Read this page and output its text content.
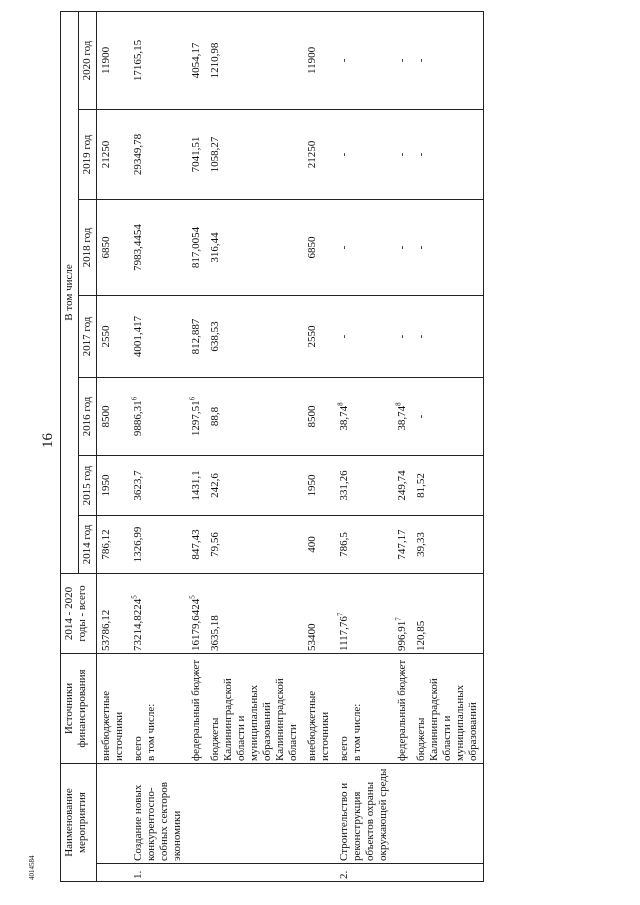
16
4014584
Наименование мероприятия		Источники финансирования	2014 - 2020 годы - всего	В том числе						
				2014 год	2015 год	2016 год	2017 год	2018 год	2019 год	2020 год
		внебюджетные источники	53786,12	786,12	1950	8500	2550	6850	21250	11900
1.	Создание новых конкурентоспо-собных секторов экономики	всего
в том числе:	73214,8224$^5$	1326,99	3623,7	9886,31$^6$	4001,417	7983,4454	29349,78	17165,15
		федеральный бюджет	16179,6424$^5$	847,43	1431,1	1297,51$^6$	812,887	817,0054	7041,51	4054,17
		бюджеты Калининградской области и муниципальных образований Калининградской области	3635,18	79,56	242,6	88,8	638,53	316,44	1058,27	1210,98
		внебюджетные источники	53400	400	1950	8500	2550	6850	21250	11900
2.	Строительство и реконструкция объектов охраны окружающей среды	всего
в том числе:	1117,76$^7$	786,5	331,26	38,74$^8$	-	-	-	-
		федеральный бюджет	996,91$^7$	747,17	249,74	38,74$^8$	-	-	-	-
		бюджеты Калининградской области и муниципальных образований	120,85	39,33	81,52	-	-	-	-	-
